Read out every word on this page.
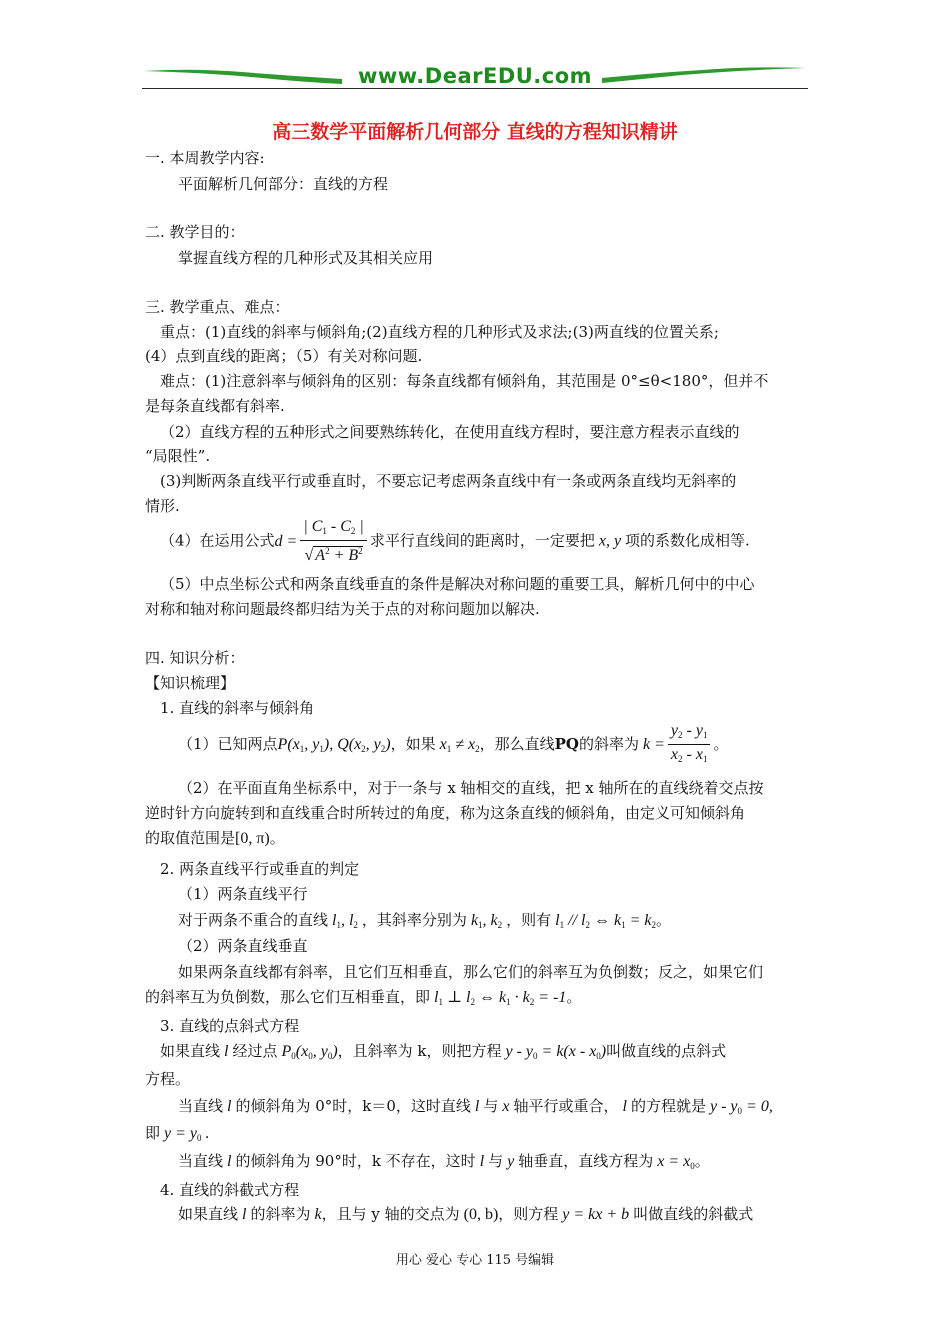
www.DearEDU.com
高三数学平面解析几何部分 直线的方程知识精讲
一. 本周教学内容:
平面解析几何部分：直线的方程
二. 教学目的：
掌握直线方程的几种形式及其相关应用
三. 教学重点、难点：
重点：(1)直线的斜率与倾斜角;(2)直线方程的几种形式及求法;(3)两直线的位置关系;
(4）点到直线的距离；（5）有关对称问题.
难点：(1)注意斜率与倾斜角的区别：每条直线都有倾斜角，其范围是 0°≤θ<180°，但并不
是每条直线都有斜率.
（2）直线方程的五种形式之间要熟练转化，在使用直线方程时，要注意方程表示直线的
“局限性”.
(3)判断两条直线平行或垂直时，不要忘记考虑两条直线中有一条或两条直线均无斜率的
情形.
（4）在运用公式$d = \frac{| C_1 - C_2 |}{√ A^2 + B^2}$ 求平行直线间的距离时，一定要把 x, y 项的系数化成相等.
（5）中点坐标公式和两条直线垂直的条件是解决对称问题的重要工具，解析几何中的中心
对称和轴对称问题最终都归结为关于点的对称问题加以解决.
四. 知识分析：
【知识梳理】
1. 直线的斜率与倾斜角
（1）已知两点$P(x_1$, $y_1$), $Q(x_2$, $y_2$)，如果 $x_1 \ne x_2$，那么直线PQ的斜率为 $k = \frac{y_2 - y_1}{x_2 - x_1}$ 。
（2）在平面直角坐标系中，对于一条与 x 轴相交的直线，把 x 轴所在的直线绕着交点按
逆时针方向旋转到和直线重合时所转过的角度，称为这条直线的倾斜角，由定义可知倾斜角
的取值范围是[0, π)。
2. 两条直线平行或垂直的判定
（1）两条直线平行
对于两条不重合的直线 $l_1$, $l_2$ ，其斜率分别为 $k_1$, $k_2$ ，则有 $l_1 // l_2$ ⇔ $k_1 = k_2$。
（2）两条直线垂直
如果两条直线都有斜率，且它们互相垂直，那么它们的斜率互为负倒数；反之，如果它们
的斜率互为负倒数，那么它们互相垂直，即 $l_1$ ⊥ $l_2$ ⇔ $k_1 \cdot k_2 = -1$。
3. 直线的点斜式方程
如果直线 l 经过点 $P_0(x_0$, $y_0$)，且斜率为 k，则把方程 $y - y_0 = k(x - x_0)$叫做直线的点斜式
方程。
当直线 l 的倾斜角为 0°时，k＝0，这时直线 l 与 x 轴平行或重合， l 的方程就是 $y - y_0 = 0$,
即 $y = y_0$ .
当直线 l 的倾斜角为 90°时，k 不存在，这时 l 与 y 轴垂直，直线方程为 $x = x_0$。
4. 直线的斜截式方程
如果直线 l 的斜率为 k，且与 y 轴的交点为 (0, b)，则方程 y = kx + b 叫做直线的斜截式
用心 爱心 专心 115 号编辑
